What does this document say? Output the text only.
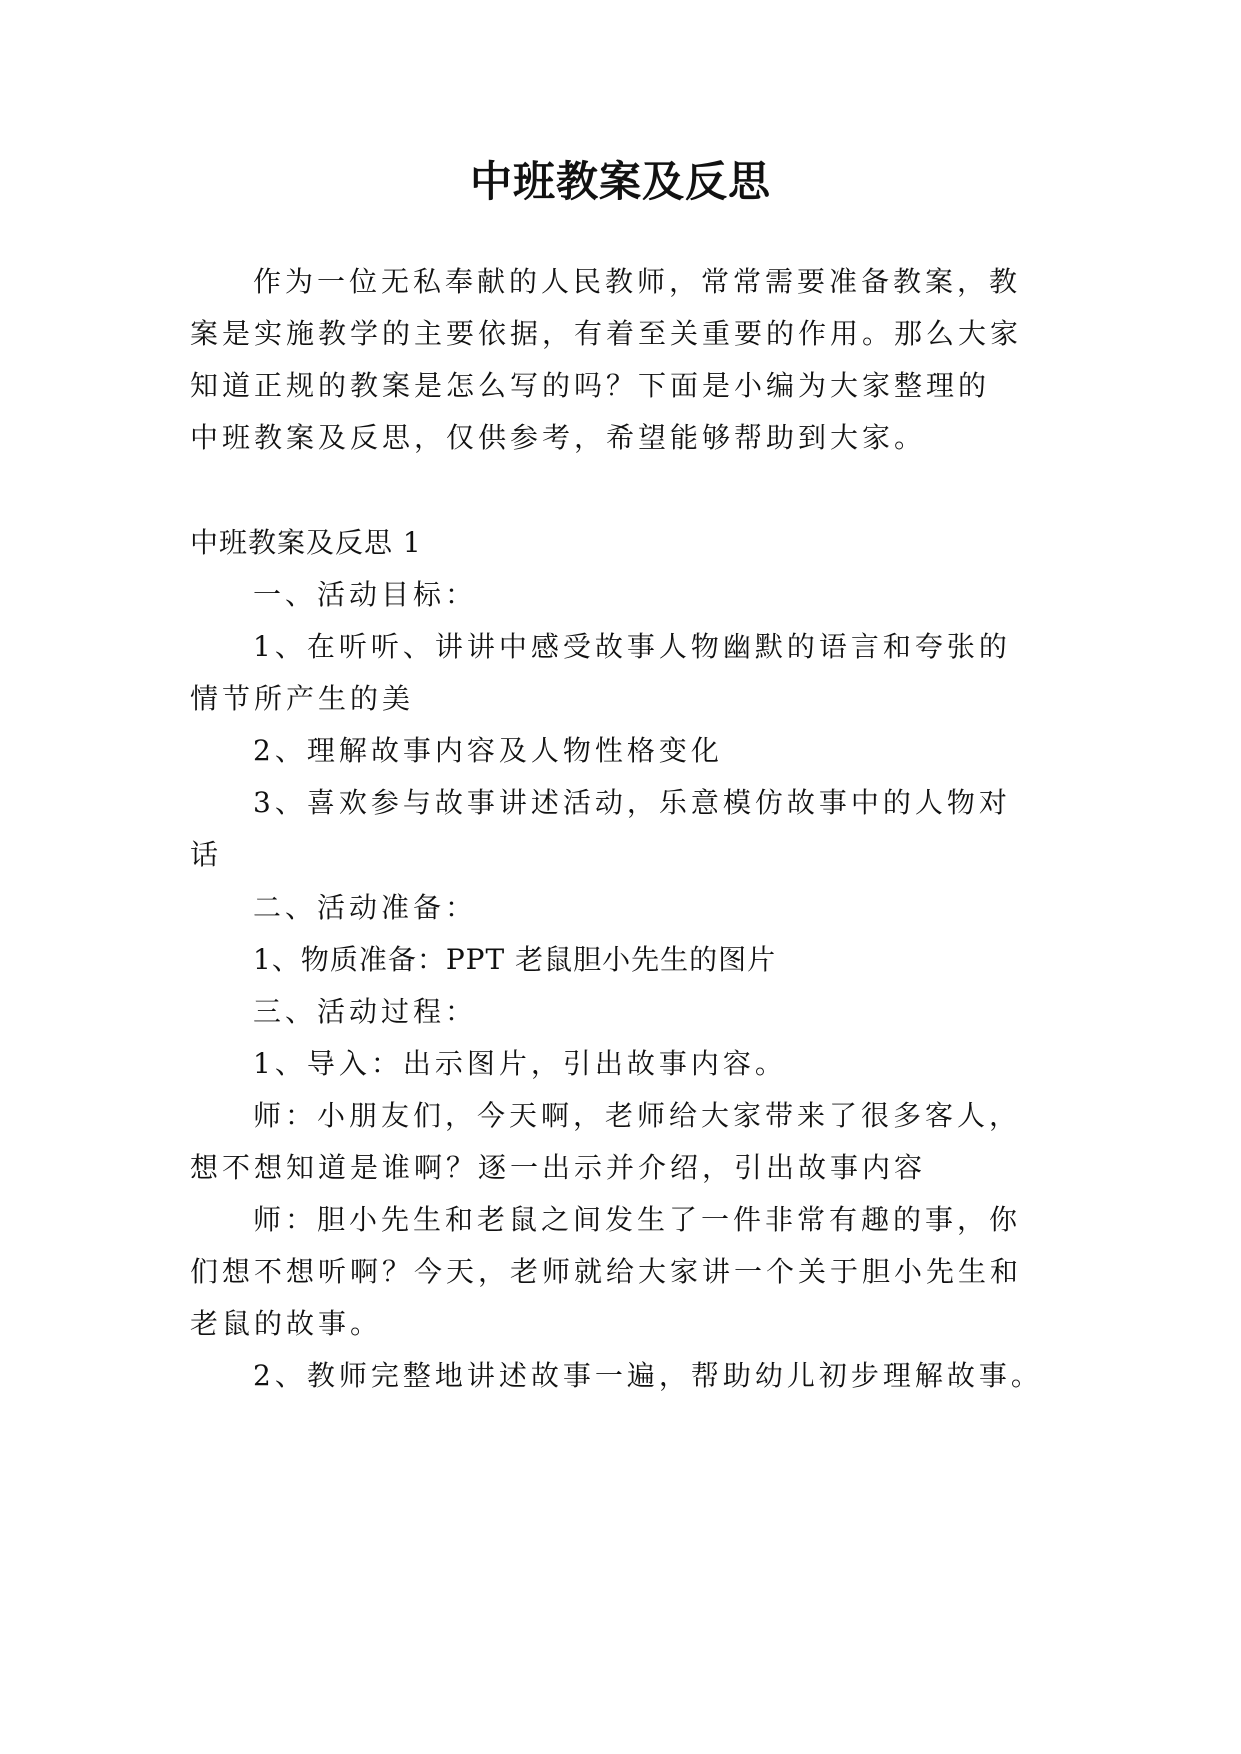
中班教案及反思
作为一位无私奉献的人民教师，常常需要准备教案，教
案是实施教学的主要依据，有着至关重要的作用。那么大家
知道正规的教案是怎么写的吗？下面是小编为大家整理的
中班教案及反思，仅供参考，希望能够帮助到大家。
中班教案及反思 1
一、活动目标：
1、在听听、讲讲中感受故事人物幽默的语言和夸张的
情节所产生的美
2、理解故事内容及人物性格变化
3、喜欢参与故事讲述活动，乐意模仿故事中的人物对
话
二、活动准备：
1、物质准备：PPT 老鼠胆小先生的图片
三、活动过程：
1、导入：出示图片，引出故事内容。
师：小朋友们，今天啊，老师给大家带来了很多客人，
想不想知道是谁啊？逐一出示并介绍，引出故事内容
师：胆小先生和老鼠之间发生了一件非常有趣的事，你
们想不想听啊？今天，老师就给大家讲一个关于胆小先生和
老鼠的故事。
2、教师完整地讲述故事一遍，帮助幼儿初步理解故事。
